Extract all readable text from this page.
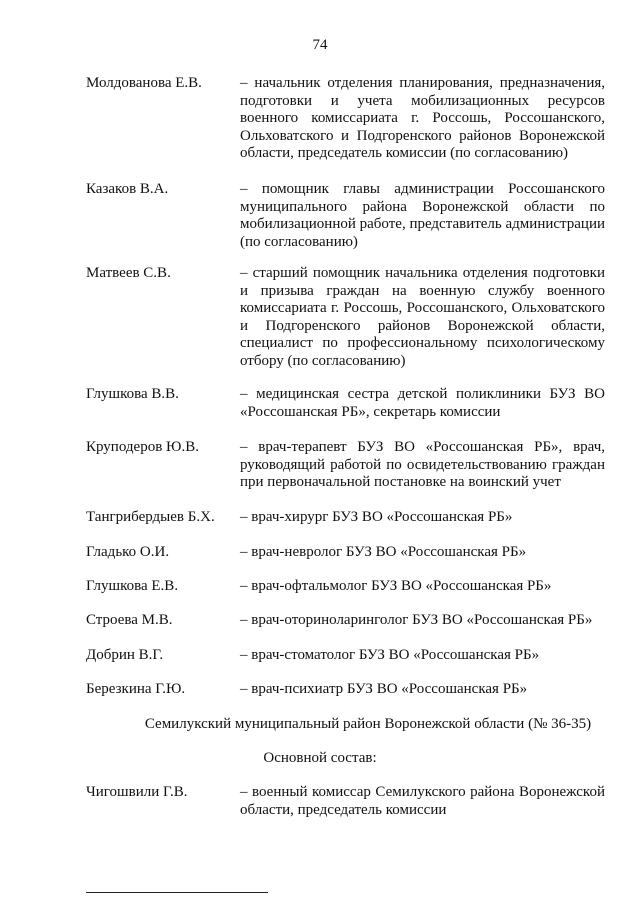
74
Молдованова Е.В.	– начальник отделения планирования, предназначения, подготовки и учета мобилизационных ресурсов военного комиссариата г. Россошь, Россошанского, Ольховатского и Подгоренского районов Воронежской области, председатель комиссии (по согласованию)
Казаков В.А.	– помощник главы администрации Россошанского муниципального района Воронежской области по мобилизационной работе, представитель администрации (по согласованию)
Матвеев С.В.	– старший помощник начальника отделения подготовки и призыва граждан на военную службу военного комиссариата г. Россошь, Россошанского, Ольховатского и Подгоренского районов Воронежской области, специалист по профессиональному психологическому отбору (по согласованию)
Глушкова В.В.	– медицинская сестра детской поликлиники БУЗ ВО «Россошанская РБ», секретарь комиссии
Круподеров Ю.В.	– врач-терапевт БУЗ ВО «Россошанская РБ», врач, руководящий работой по освидетельствованию граждан при первоначальной постановке на воинский учет
Тангрибердыев Б.Х. – врач-хирург БУЗ ВО «Россошанская РБ»
Гладько О.И.	– врач-невролог БУЗ ВО «Россошанская РБ»
Глушкова Е.В.	– врач-офтальмолог БУЗ ВО «Россошанская РБ»
Строева М.В.	– врач-оториноларинголог БУЗ ВО «Россошанская РБ»
Добрин В.Г.	– врач-стоматолог БУЗ ВО «Россошанская РБ»
Березкина Г.Ю.	– врач-психиатр БУЗ ВО «Россошанская РБ»
Семилукский муниципальный район Воронежской области (№ 36-35)
Основной состав:
Чигошвили Г.В.	– военный комиссар Семилукского района Воронежской области, председатель комиссии
